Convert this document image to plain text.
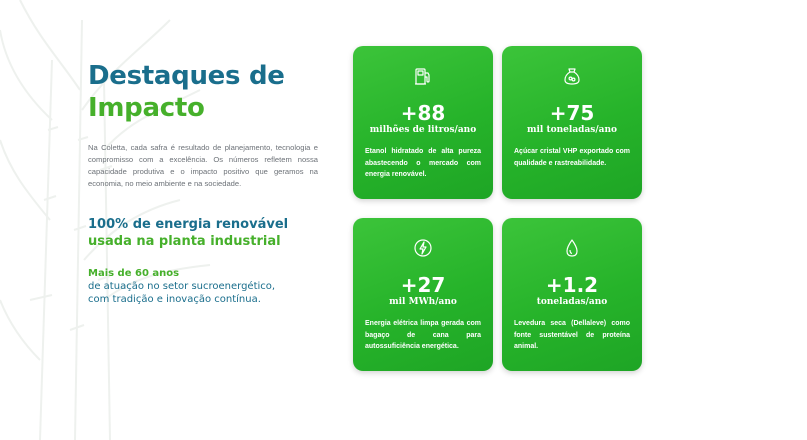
Destaques de
Impacto

Na Coletta, cada safra é resultado de planejamento, tecnologia e compromisso com a excelência. Os números refletem nossa capacidade produtiva e o impacto positivo que geramos na economia, no meio ambiente e na sociedade.

100% de energia renovável
usada na planta industrial

Mais de 60 anos
de atuação no setor sucroenergético,
com tradição e inovação contínua.

+88
milhões de litros/ano
Etanol hidratado de alta pureza abastecendo o mercado com energia renovável.
+75
mil toneladas/ano
Açúcar cristal VHP exportado com qualidade e rastreabilidade.
+27
mil MWh/ano
Energia elétrica limpa gerada com bagaço de cana para autossuficiência energética.
+1.2
toneladas/ano
Levedura seca (Dellaleve) como fonte sustentável de proteína animal.
